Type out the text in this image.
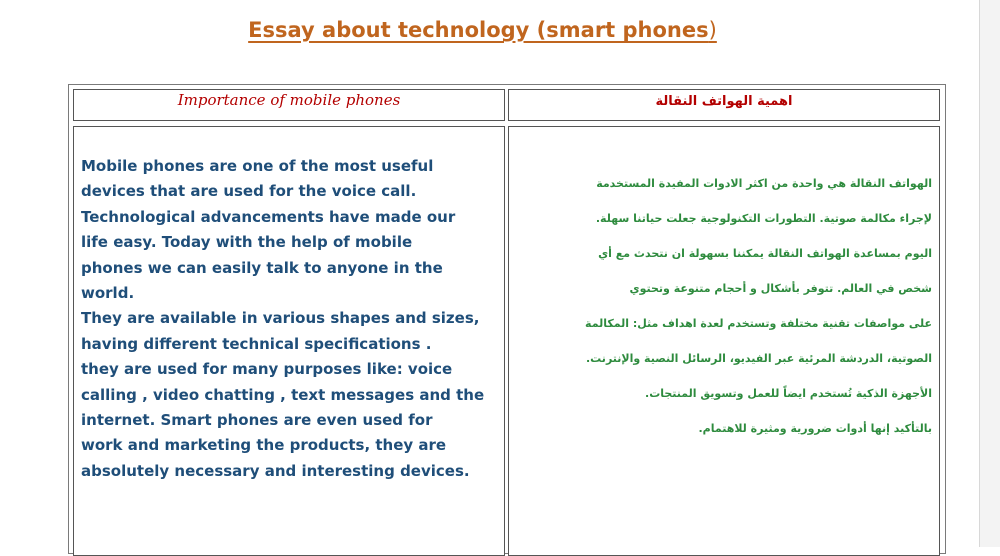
Essay about technology (smart phones)
Importance of mobile phones	اهمية الهواتف النقالة

Mobile phones are one of the most useful

devices that are used for the voice call.

Technological advancements have made our

life easy. Today with the help of mobile

phones we can easily talk to anyone in the

world.

They are available in various shapes and sizes,

having different technical specifications .

they are used for many purposes like: voice

calling , video chatting , text messages and the

internet. Smart phones are even used for

work and marketing the products, they are

absolutely necessary and interesting devices.

الهواتف النقالة هي واحدة من اكثر الادوات المفيدة المستخدمة
لإجراء مكالمة صوتية. التطورات التكنولوجية جعلت حياتنا سهلة.
اليوم بمساعدة الهواتف النقالة يمكننا بسهولة ان نتحدث مع أي
شخص في العالم. تتوفر بأشكال و أحجام متنوعة وتحتوي
على مواصفات تقنية مختلفة وتستخدم لعدة اهداف مثل: المكالمة
الصوتية، الدردشة المرئية عبر الفيديو، الرسائل النصية والإنترنت.
الأجهزة الذكية تُستخدم ايضاً للعمل وتسويق المنتجات.
بالتأكيد إنها أدوات ضرورية ومثيرة للاهتمام.
